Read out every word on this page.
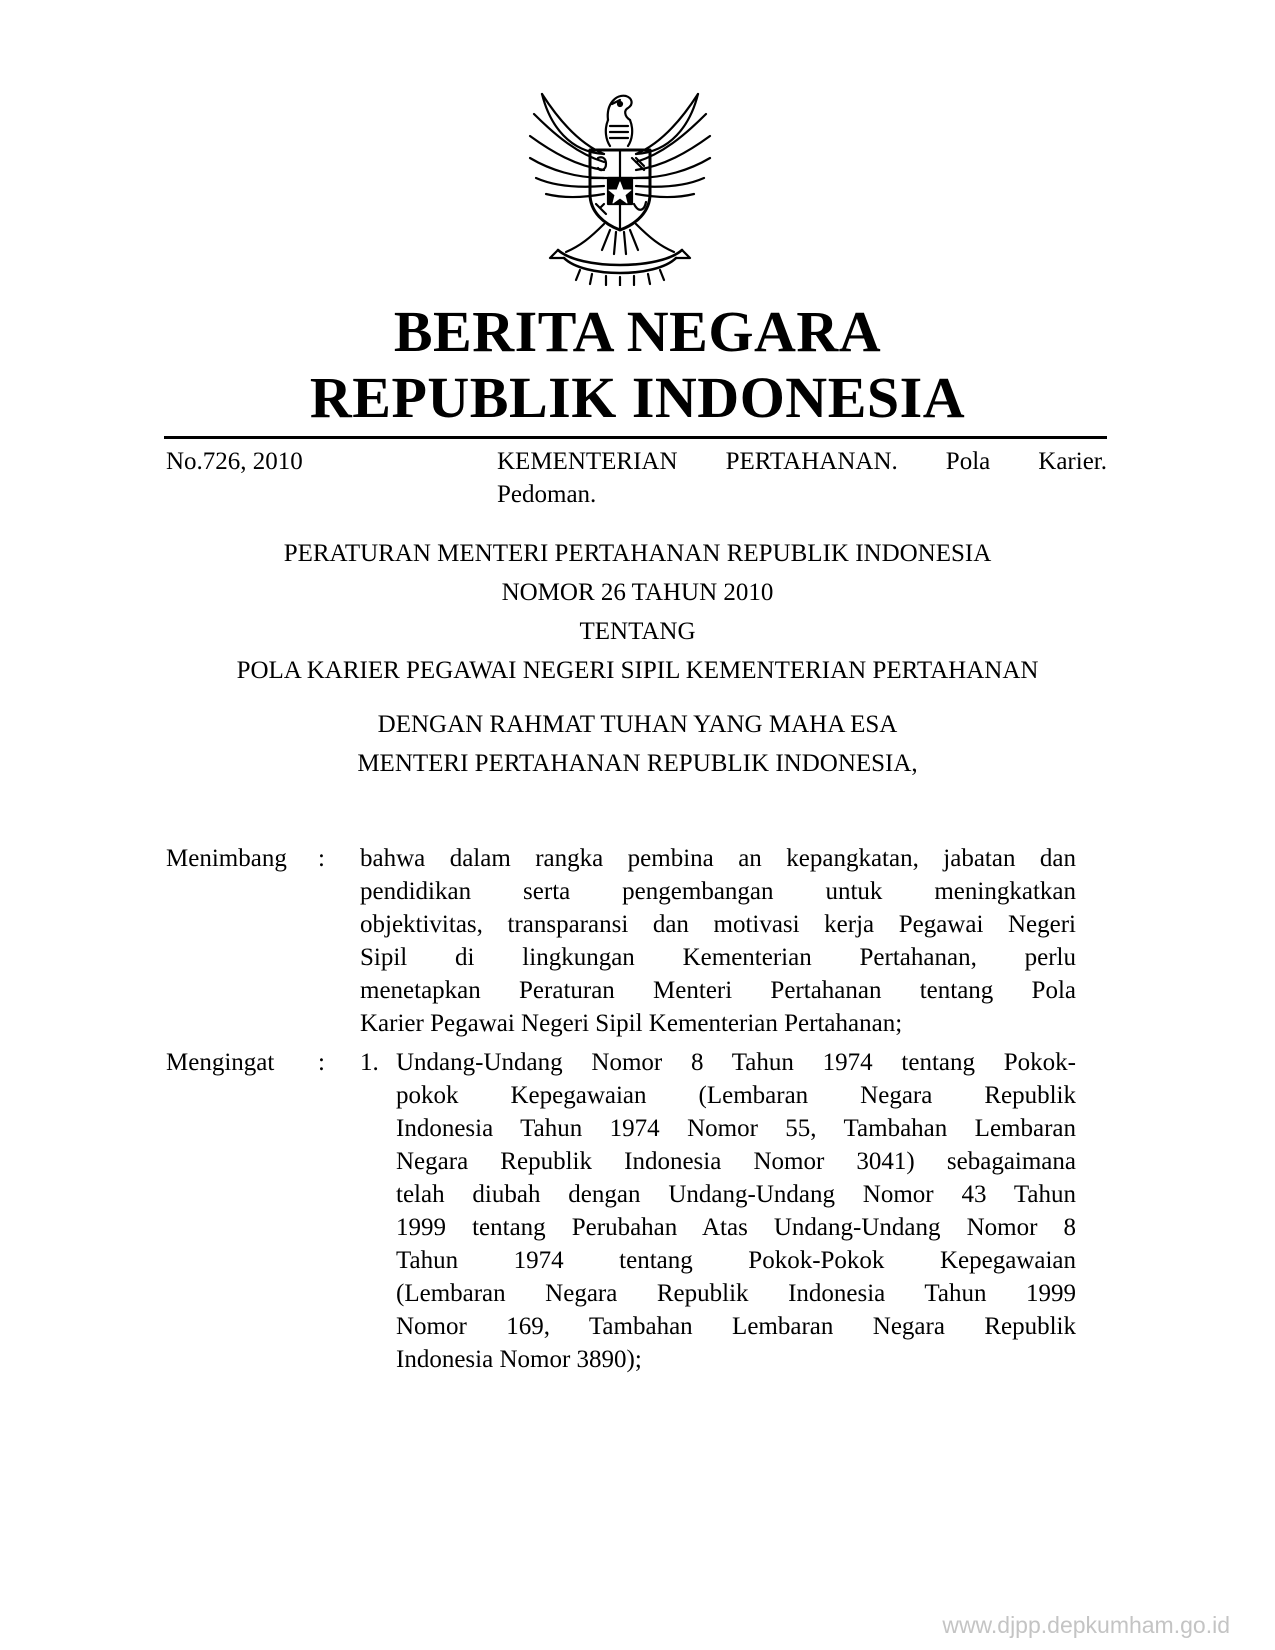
BERITA NEGARA
REPUBLIK INDONESIA
No.726, 2010	KEMENTERIAN PERTAHANAN. Pola Karier.
Pedoman.
PERATURAN MENTERI PERTAHANAN REPUBLIK INDONESIA
NOMOR 26 TAHUN 2010
TENTANG
POLA KARIER PEGAWAI NEGERI SIPIL KEMENTERIAN PERTAHANAN
DENGAN RAHMAT TUHAN YANG MAHA ESA
MENTERI PERTAHANAN REPUBLIK INDONESIA,
Menimbang : bahwa dalam rangka pembina an kepangkatan, jabatan dan
pendidikan serta pengembangan untuk meningkatkan
objektivitas, transparansi dan motivasi kerja Pegawai Negeri
Sipil di lingkungan Kementerian Pertahanan, perlu
menetapkan Peraturan Menteri Pertahanan tentang Pola
Karier Pegawai Negeri Sipil Kementerian Pertahanan;
Mengingat : 1. Undang-Undang Nomor 8 Tahun 1974 tentang Pokok-
pokok Kepegawaian (Lembaran Negara Republik
Indonesia Tahun 1974 Nomor 55, Tambahan Lembaran
Negara Republik Indonesia Nomor 3041) sebagaimana
telah diubah dengan Undang-Undang Nomor 43 Tahun
1999 tentang Perubahan Atas Undang-Undang Nomor 8
Tahun 1974 tentang Pokok-Pokok Kepegawaian
(Lembaran Negara Republik Indonesia Tahun 1999
Nomor 169, Tambahan Lembaran Negara Republik
Indonesia Nomor 3890);
www.djpp.depkumham.go.id
